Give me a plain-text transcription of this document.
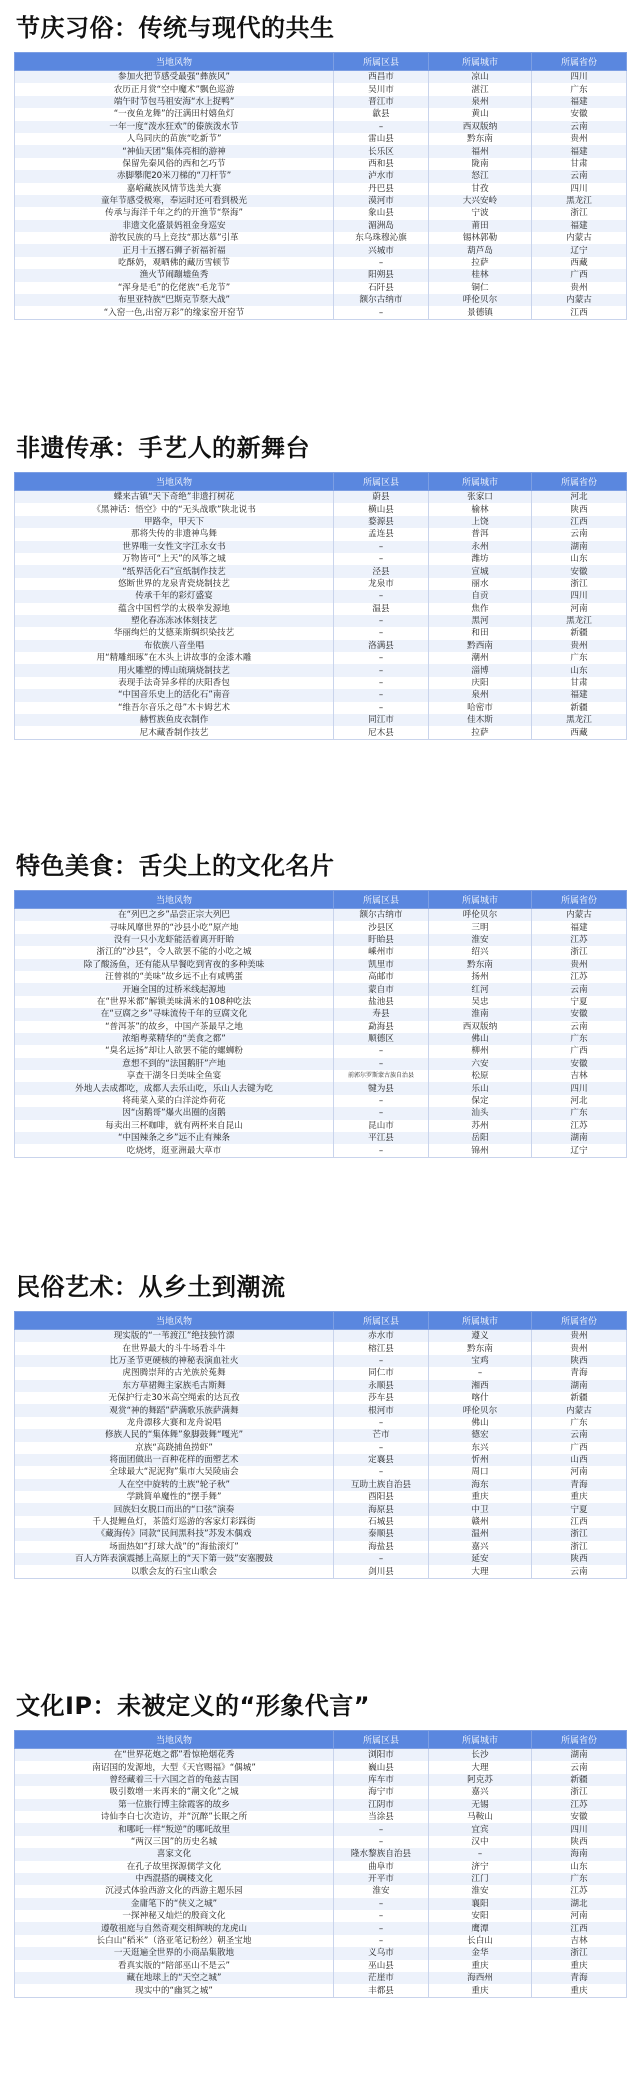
节庆习俗：传统与现代的共生
当地风物	所属区县	所属城市	所属省份
参加火把节感受最强“彝族风”	西昌市	凉山	四川
农历正月赏“空中魔术”飘色巡游	吴川市	湛江	广东
端午时节包马祖安海“水上捉鸭”	晋江市	泉州	福建
“一夜鱼龙舞”的汪满田村嬉鱼灯	歙县	黄山	安徽
一年一度“泼水狂欢”的傣族泼水节	–	西双版纳	云南
人鸟同庆的苗族“吃新节”	雷山县	黔东南	贵州
“神仙天团”集体亮相的游神	长乐区	福州	福建
保留先秦风俗的西和乞巧节	西和县	陇南	甘肃
赤脚攀爬20米刀梯的“刀杆节”	泸水市	怒江	云南
嘉峪藏族风情节选美大赛	丹巴县	甘孜	四川
童年节感受极寒，奉运时还可看到极光	漠河市	大兴安岭	黑龙江
传承与海洋千年之约的开渔节“祭海”	象山县	宁波	浙江
非遗文化盛景妈祖金身巡安	湄洲岛	莆田	福建
游牧民族的马上竞技“那达慕”引革	东乌珠穆沁旗	锡林郭勒	内蒙古
正月十五撂石狮子祈福祈福	兴城市	葫芦岛	辽宁
吃酥奶，观晒佛的藏历雪顿节	–	拉萨	西藏
渔火节闹蹦墟鱼秀	阳朔县	桂林	广西
“浑身是毛”的仡佬族“毛龙节”	石阡县	铜仁	贵州
布里亚特族“巴斯克节祭大战”	额尔古纳市	呼伦贝尔	内蒙古
“入窑一色,出窑万彩”的缘家窑开窑节	–	景德镇	江西
非遗传承：手艺人的新舞台
当地风物	所属区县	所属城市	所属省份
蝶来古镇“天下奇绝”非遗打树花	蔚县	张家口	河北
《黑神话：悟空》中的“无头战歌”陕北说书	横山县	榆林	陕西
甲路伞，甲天下	婺源县	上饶	江西
那将失传的非遗神鸟舞	孟连县	普洱	云南
世界唯一女性文字江永女书	–	永州	湖南
万物皆可“上天”的风筝之城	–	潍坊	山东
“纸界活化石”宣纸制作技艺	泾县	宣城	安徽
悠断世界的龙泉青瓷烧制技艺	龙泉市	丽水	浙江
传承千年的彩灯盛宴	–	自贡	四川
蕴含中国哲学的太极拳发源地	温县	焦作	河南
塑化春冻冻冰体刻技艺	–	黑河	黑龙江
华丽绚烂的艾德莱斯绸织染技艺	–	和田	新疆
布依族八音坐唱	洛满县	黔西南	贵州
用“精雕细琢”在木头上讲故事的金漆木雕	–	潮州	广东
用火雕塑的博山琉璃烧制技艺	–	淄博	山东
表现手法奇异多样的庆阳香包	–	庆阳	甘肃
“中国音乐史上的活化石”南音	–	泉州	福建
“维吾尔音乐之母”木卡姆艺术	–	哈密市	新疆
赫哲族鱼皮衣制作	同江市	佳木斯	黑龙江
尼木藏香制作技艺	尼木县	拉萨	西藏
特色美食：舌尖上的文化名片
当地风物	所属区县	所属城市	所属省份
在“列巴之乡”品尝正宗大列巴	额尔古纳市	呼伦贝尔	内蒙古
寻味风靡世界的“沙县小吃”原产地	沙县区	三明	福建
没有一只小龙虾能活着离开盱眙	盱眙县	淮安	江苏
浙江的“沙县”，令人欲罢不能的小吃之城	嵊州市	绍兴	浙江
除了酸汤鱼，还有能从早餐吃到宵夜的多种美味	凯里市	黔东南	贵州
汪曾祺的“美味”故乡远不止有咸鸭蛋	高邮市	扬州	江苏
开遍全国的过桥米线起源地	蒙自市	红河	云南
在“世界米都”解锁美味满米的108种吃法	盐池县	吴忠	宁夏
在“豆腐之乡”寻味流传千年的豆腐文化	寿县	淮南	安徽
“普洱茶”的故乡，中国产茶最早之地	勐海县	西双版纳	云南
浓缩粤菜精华的“美食之都”	顺德区	佛山	广东
“臭名远扬”却让人欲罢不能的螺蛳粉	–	柳州	广西
意想不到的“法国鹅肝”产地	–	六安	安徽
享查干湖冬日美味全鱼宴	前郭尔罗斯蒙古族自治县	松原	吉林
外地人去成都吃，成都人去乐山吃，乐山人去键为吃	犍为县	乐山	四川
将莼菜入菜的白洋淀炸荷花	–	保定	河北
因“卤鹅哥”爆火出圈的卤鹅	–	汕头	广东
每卖出三杯咖啡，就有两杯来自昆山	昆山市	苏州	江苏
“中国辣条之乡”远不止有辣条	平江县	岳阳	湖南
吃烧烤，逛亚洲最大草市	–	锦州	辽宁
民俗艺术：从乡土到潮流
当地风物	所属区县	所属城市	所属省份
现实版的“一苇渡江”绝技独竹漂	赤水市	遵义	贵州
在世界最大的斗牛场看斗牛	榕江县	黔东南	贵州
比万圣节更硬核的神秘表演血社火	–	宝鸡	陕西
虎图腾崇拜的古羌族於菟舞	同仁市	–	青海
东方草裙舞主家族毛古斯舞	永顺县	湘西	湖南
无保护行走30米高空绳索的达瓦孜	莎车县	喀什	新疆
观赏“神的舞蹈”萨满歌乐族萨满舞	根河市	呼伦贝尔	内蒙古
龙舟漂移大赛和龙舟说唱	–	佛山	广东
修族人民的“集体舞”象脚鼓舞“嘎光”	芒市	德宏	云南
京族“高跷捕鱼捞虾”	–	东兴	广西
将面团做出一百种花样的面塑艺术	定襄县	忻州	山西
全球最大“泥泥狗”集市大吴陵庙会	–	周口	河南
人在空中旋转的土族“轮子秋”	互助土族自治县	海东	青海
学跳简单魔性的“摆手舞”	酉阳县	重庆	重庆
回族妇女脱口而出的“口弦”演奏	海原县	中卫	宁夏
千人提鲤鱼灯，茶篮灯巡游的客家灯彩踩街	石城县	赣州	江西
《藏海传》同款“民间黑科技”苏发木偶戏	泰顺县	温州	浙江
场面热如“打球大战”的“海盐滚灯”	海盐县	嘉兴	浙江
百人方阵表演震撼上高原上的“天下第一鼓”安塞腰鼓	–	延安	陕西
以歌会友的石宝山歌会	剑川县	大理	云南
文化IP：未被定义的“形象代言”
当地风物	所属区县	所属城市	所属省份
在“世界花炮之都”看惊艳烟花秀	浏阳市	长沙	湖南
南诏国的发源地，大型《天官赐福》“偶城”	巍山县	大理	云南
曾经藏着三十六国之首的龟兹古国	库车市	阿克苏	新疆
吸引数增一来再来的“潮文化”之城	海宁市	嘉兴	浙江
第一位旅行博主徐霞客的故乡	江阴市	无锡	江苏
诗仙李白七次造访，并“沉醉”长眠之所	当涂县	马鞍山	安徽
和哪吒一样“叛逆”的哪吒故里	–	宜宾	四川
“两汉三国”的历史名城	–	汉中	陕西
喜家文化	隆水黎族自治县	–	海南
在孔子故里探源儒学文化	曲阜市	济宁	山东
中西混搭的碉楼文化	开平市	江门	广东
沉浸式体验西游文化的西游主题乐园	淮安	淮安	江苏
金庸笔下的“侠义之城”	–	襄阳	湖北
一探神秘又灿烂的殷商文化	–	安阳	河南
遵敬祖庭与自然奇观交相辉映的龙虎山	–	鹰潭	江西
长白山“稻米”（洛亚笔记粉丝）朝圣宝地	–	长白山	吉林
一天逛遍全世界的小商品集散地	义乌市	金华	浙江
看真实版的“陪部巫山不是云”	巫山县	重庆	重庆
藏在地球上的“天空之城”	茫崖市	海西州	青海
现实中的“幽冥之城”	丰都县	重庆	重庆
